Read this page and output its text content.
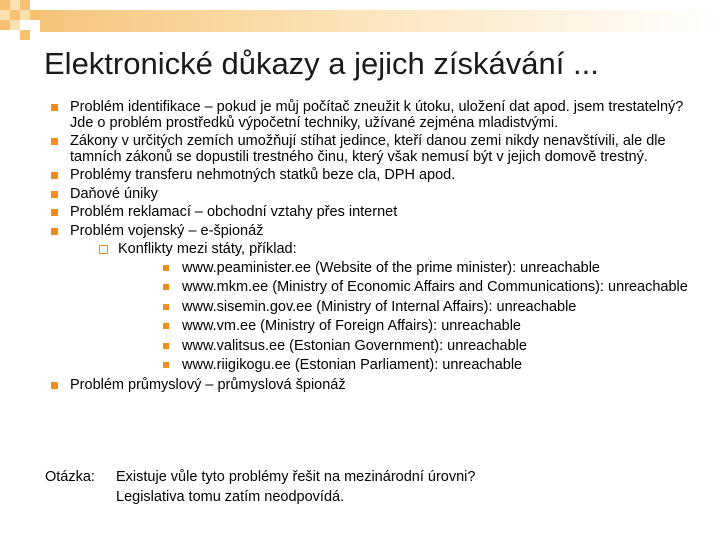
Elektronické důkazy a jejich získávání ...
Problém identifikace – pokud je můj počítač zneužit k útoku, uložení dat apod. jsem trestatelný? Jde o problém prostředků výpočetní techniky, užívané zejména mladistvými.
Zákony v určitých zemích umožňují stíhat jedince, kteří danou zemi nikdy nenavštívili, ale dle tamních zákonů se dopustili trestného činu, který však nemusí být v jejich domově trestný.
Problémy transferu nehmotných statků beze cla, DPH apod.
Daňové úniky
Problém reklamací – obchodní vztahy přes internet
Problém vojenský – e-špionáž
Konflikty mezi státy, příklad:
www.peaminister.ee (Website of the prime minister): unreachable
www.mkm.ee (Ministry of Economic Affairs and Communications): unreachable
www.sisemin.gov.ee (Ministry of Internal Affairs): unreachable
www.vm.ee (Ministry of Foreign Affairs): unreachable
www.valitsus.ee (Estonian Government): unreachable
www.riigikogu.ee (Estonian Parliament): unreachable
Problém průmyslový – průmyslová špionáž
Otázka: Existuje vůle tyto problémy řešit na mezinárodní úrovni?
Legislativa tomu zatím neodpovídá.
